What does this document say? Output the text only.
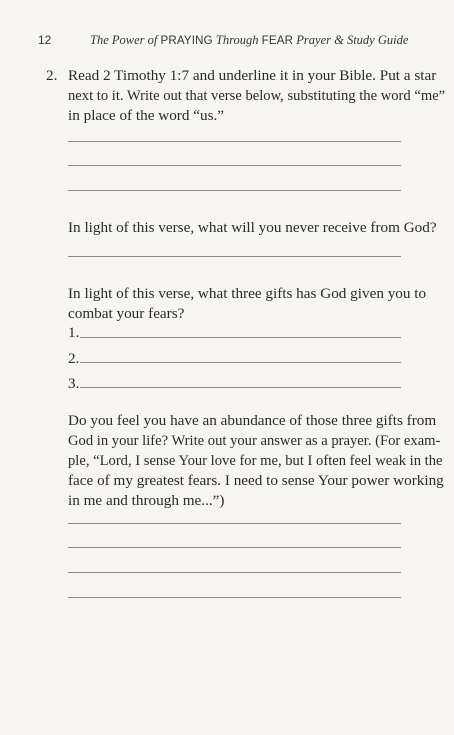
12	The Power of PRAYING Through FEAR Prayer & Study Guide
2. Read 2 Timothy 1:7 and underline it in your Bible. Put a star
next to it. Write out that verse below, substituting the word “me”
in place of the word “us.”
In light of this verse, what will you never receive from God?
In light of this verse, what three gifts has God given you to
combat your fears?
1.
2.
3.
Do you feel you have an abundance of those three gifts from
God in your life? Write out your answer as a prayer. (For exam-
ple, “Lord, I sense Your love for me, but I often feel weak in the
face of my greatest fears. I need to sense Your power working
in me and through me...”)
